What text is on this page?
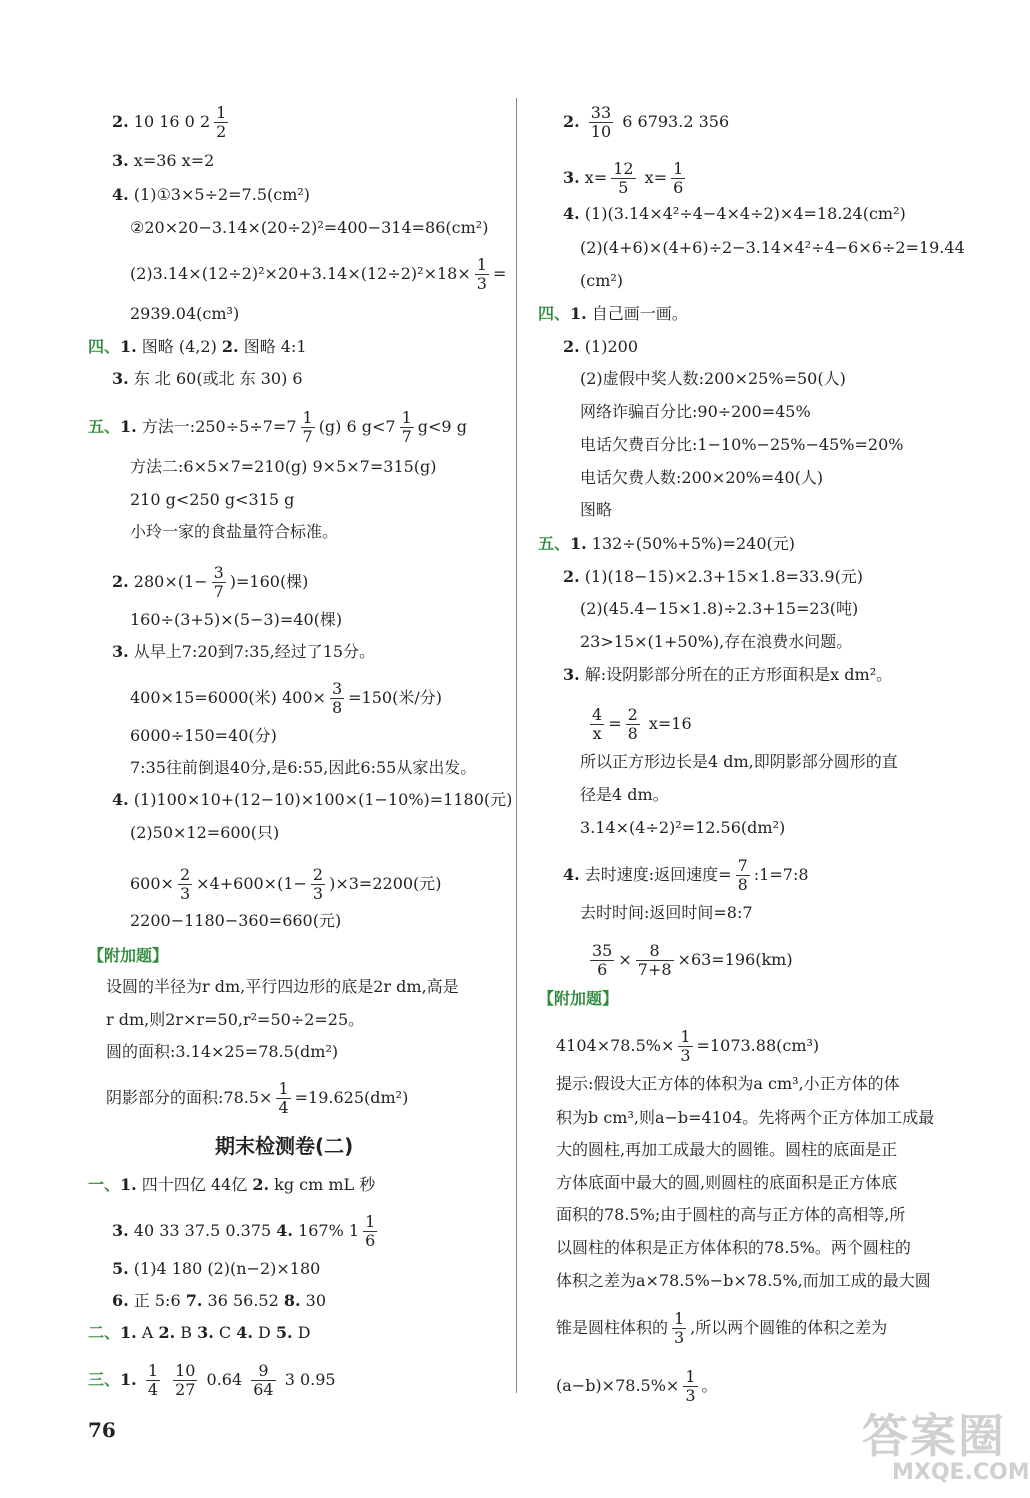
期末检测卷(二)
76	答案圈
MXQE.COM
2. 10 16 0 $2 \frac{1}{2}$
3. x=36 x=2
4. (1)①3×5÷2=7.5(cm²)
②20×20−3.14×(20÷2)²=400−314=86(cm²)
$(2)3.14\times(12\div 2)^2\times 20+3.14\times(12\div 2)^2\times 18\times \frac{1}{3}$ =
2939.04(cm³)
四、1. 图略 (4,2) 2. 图略 4:1
3. 东 北 60(或北 东 30) 6
五、1. 方法一:250÷5÷7=7 $\frac{1}{7} (g)$ 6 $g<7 \frac{1}{7} g<9$ g
方法二:6×5×7=210(g) 9×5×7=315(g)
210 g<250 g<315 g
小玲一家的食盐量符合标准。
2. $280\times(1- \frac{3}{7} )=160$(棵)
160÷(3+5)×(5−3)=40(棵)
3. 从早上7:20到7:35,经过了15分。
400×15=6000(米) $400\times \frac{3}{8} =150$(米/分)
6000÷150=40(分)
7:35往前倒退40分,是6:55,因此6:55从家出发。
4. (1)100×10+(12−10)×100×(1−10%)=1180(元)
(2)50×12=600(只)
$600\times \frac{2}{3} \times 4+600\times(1- \frac{2}{3} )\times 3=2200$(元)
2200−1180−360=660(元)
【附加题】
设圆的半径为r dm,平行四边形的底是2r dm,高是
r dm,则2r×r=50,r²=50÷2=25。
圆的面积:3.14×25=78.5(dm²)
阴影部分的面积:78.5× $\frac{1}{4} =19.625(dm^2)$
一、1. 四十四亿 44亿 2. kg cm mL 秒
3. 40 33 37.5 0.375 4. 167% $1 \frac{1}{6}$
5. (1)4 180 (2)(n−2)×180
6. 正 5:6 7. 36 56.52 8. 30
二、1. A 2. B 3. C 4. D 5. D
三、1. $\frac{1}{4}$
$\frac{10}{27} 0.64 \frac{9}{64} 3$ 0.95
2. $\frac{33}{10} 6$ 6793.2 356
3. $x= \frac{12}{5} x= \frac{1}{6}$
4. (1)(3.14×4²÷4−4×4÷2)×4=18.24(cm²)
(2)(4+6)×(4+6)÷2−3.14×4²÷4−6×6÷2=19.44
(cm²)
四、1. 自己画一画。
2. (1)200
(2)虚假中奖人数:200×25%=50(人)
网络诈骗百分比:90÷200=45%
电话欠费百分比:1−10%−25%−45%=20%
电话欠费人数:200×20%=40(人)
图略
五、1. 132÷(50%+5%)=240(元)
2. (1)(18−15)×2.3+15×1.8=33.9(元)
(2)(45.4−15×1.8)÷2.3+15=23(吨)
23>15×(1+50%),存在浪费水问题。
3. 解:设阴影部分所在的正方形面积是x dm²。
$\frac{4}{x} = \frac{2}{8} x=16$
所以正方形边长是4 dm,即阴影部分圆形的直
径是4 dm。
3.14×(4÷2)²=12.56(dm²)
4. 去时速度:返回速度= $\frac{7}{8}$ :1=7:8
去时时间:返回时间=8:7
$\frac{35}{6} \times \frac{8}{7+8} \times 63=196(km)$
【附加题】
$4104\times 78.5\%\times \frac{1}{3} =1073.88(cm^3)$
提示:假设大正方体的体积为a cm³,小正方体的体
积为b cm³,则a−b=4104。先将两个正方体加工成最
大的圆柱,再加工成最大的圆锥。圆柱的底面是正
方体底面中最大的圆,则圆柱的底面积是正方体底
面积的78.5%;由于圆柱的高与正方体的高相等,所
以圆柱的体积是正方体体积的78.5%。两个圆柱的
体积之差为a×78.5%−b×78.5%,而加工成的最大圆
锥是圆柱体积的 $\frac{1}{3}$ ,所以两个圆锥的体积之差为
$(a-b)\times 78.5\%\times \frac{1}{3}$ 。
